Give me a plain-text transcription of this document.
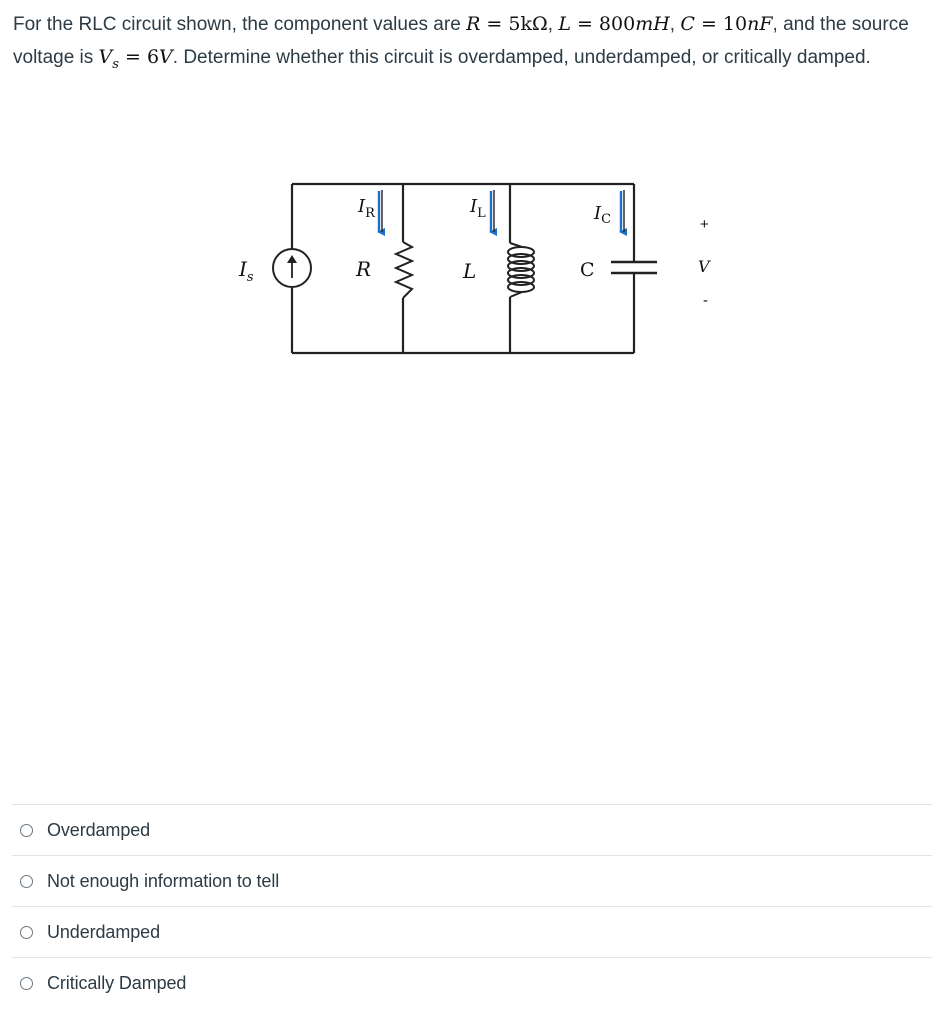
For the RLC circuit shown, the component values are R = 5kΩ, L = 800mH, C = 10nF, and the source voltage is $V_s = 6V$. Determine whether this circuit is overdamped, underdamped, or critically damped.
$I_s$	R	L	C
$I_R$	$I_L$	$I_C$	+
V
-
Overdamped
Not enough information to tell
Underdamped
Critically Damped
